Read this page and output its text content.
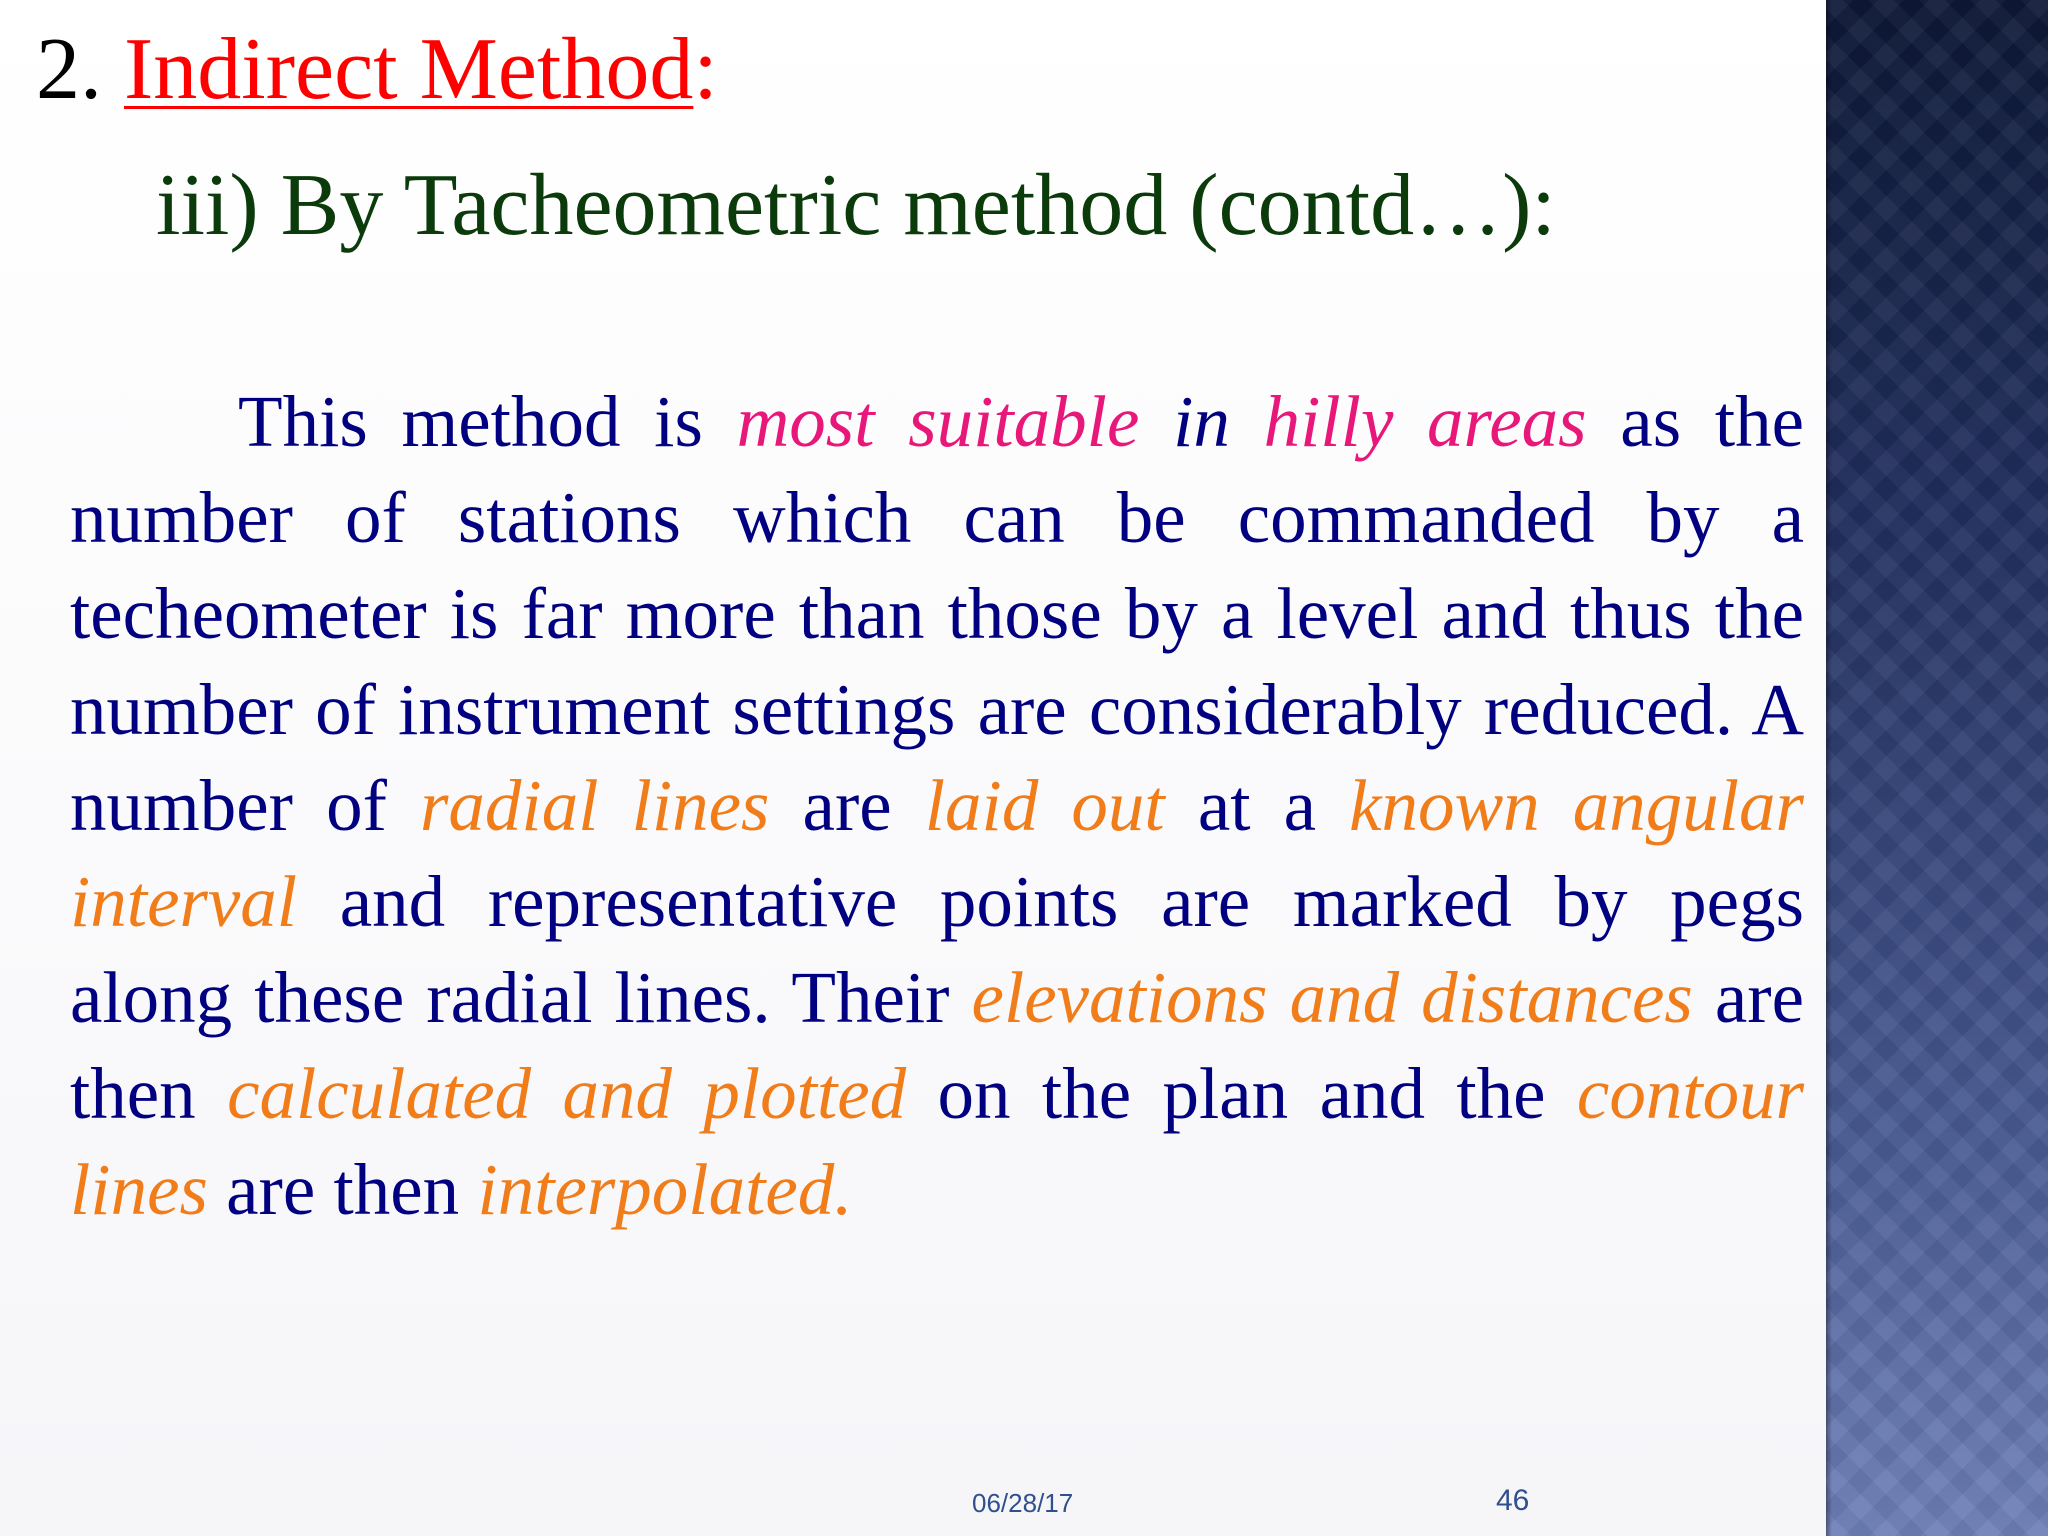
2. Indirect Method:
iii) By Tacheometric method (contd…):

This method is most suitable in hilly areas as the number of stations which can be commanded by a techeometer is far more than those by a level and thus the number of instrument settings are considerably reduced. A number of radial lines are laid out at a known angular interval and representative points are marked by pegs along these radial lines. Their elevations and distances are then calculated and plotted on the plan and the contour lines are then interpolated.

06/28/17	46
